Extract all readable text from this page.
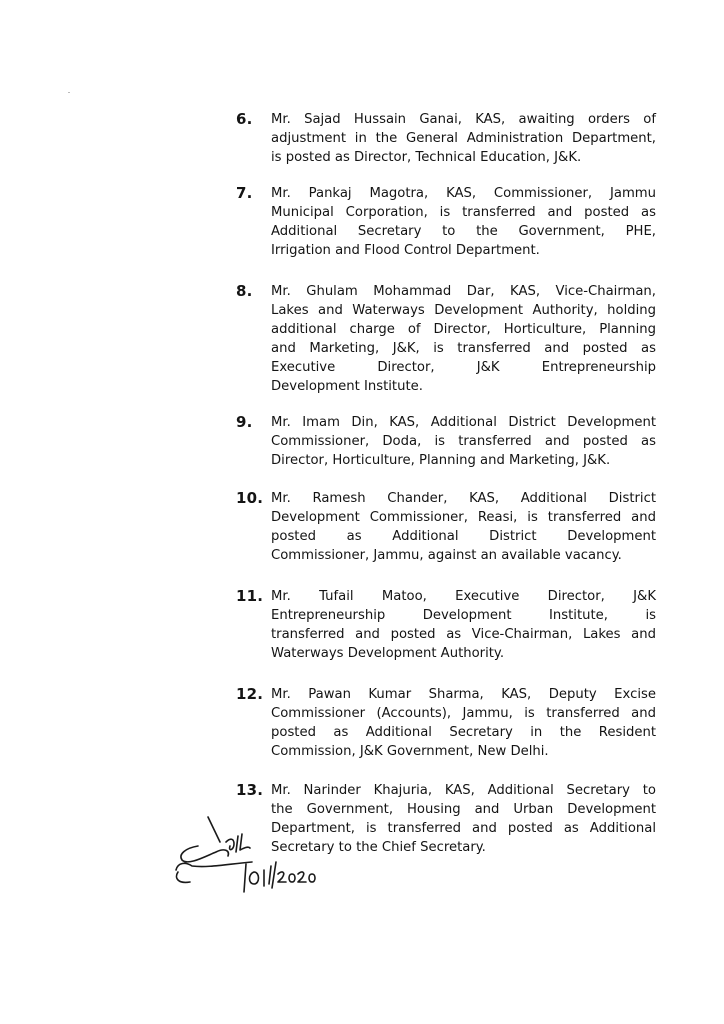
6. Mr. Sajad Hussain Ganai, KAS, awaiting orders of
adjustment in the General Administration Department,
is posted as Director, Technical Education, J&K.
7. Mr. Pankaj Magotra, KAS, Commissioner, Jammu
Municipal Corporation, is transferred and posted as
Additional Secretary to the Government, PHE,
Irrigation and Flood Control Department.
8. Mr. Ghulam Mohammad Dar, KAS, Vice-Chairman,
Lakes and Waterways Development Authority, holding
additional charge of Director, Horticulture, Planning
and Marketing, J&K, is transferred and posted as
Executive Director, J&K Entrepreneurship
Development Institute.
9. Mr. Imam Din, KAS, Additional District Development
Commissioner, Doda, is transferred and posted as
Director, Horticulture, Planning and Marketing, J&K.
10. Mr. Ramesh Chander, KAS, Additional District
Development Commissioner, Reasi, is transferred and
posted as Additional District Development
Commissioner, Jammu, against an available vacancy.
11. Mr. Tufail Matoo, Executive Director, J&K
Entrepreneurship Development Institute, is
transferred and posted as Vice-Chairman, Lakes and
Waterways Development Authority.
12. Mr. Pawan Kumar Sharma, KAS, Deputy Excise
Commissioner (Accounts), Jammu, is transferred and
posted as Additional Secretary in the Resident
Commission, J&K Government, New Delhi.
13. Mr. Narinder Khajuria, KAS, Additional Secretary to
the Government, Housing and Urban Development
Department, is transferred and posted as Additional
Secretary to the Chief Secretary.
